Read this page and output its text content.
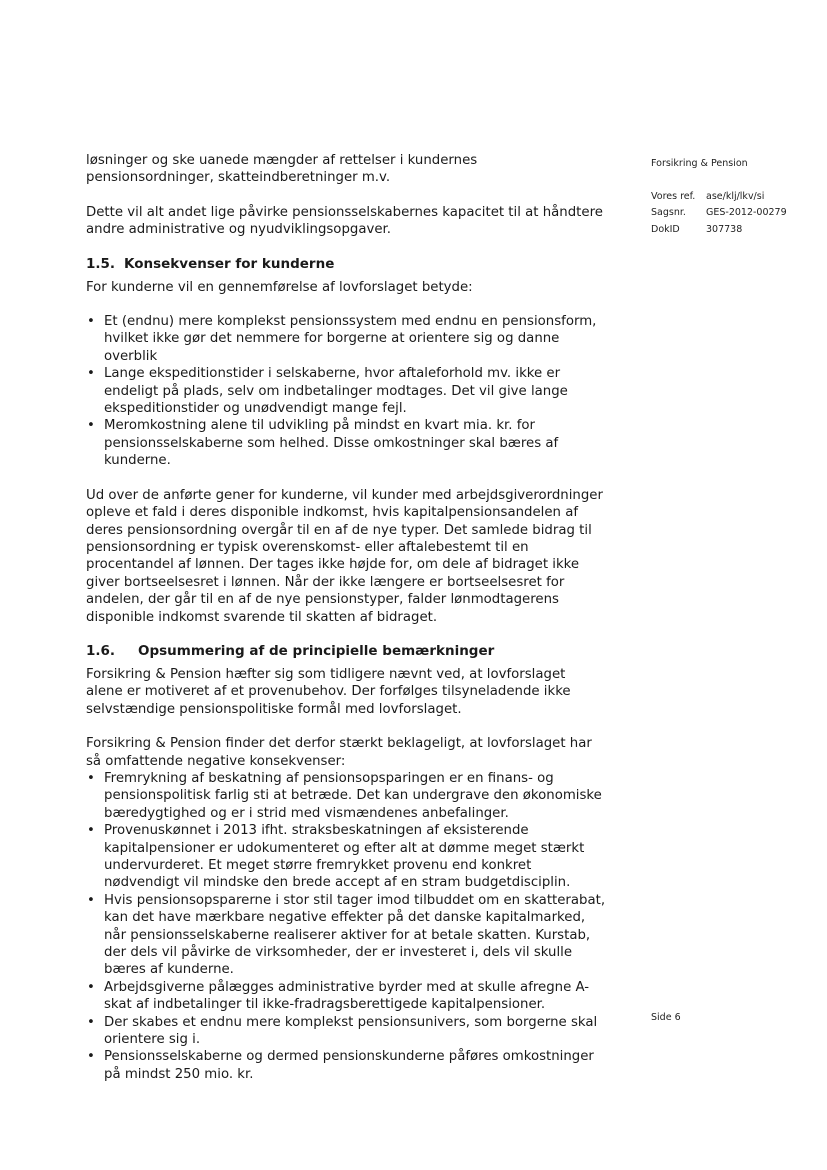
løsninger og ske uanede mængder af rettelser i kundernes pensionsordninger, skatteindberetninger m.v.

Dette vil alt andet lige påvirke pensionsselskabernes kapacitet til at håndtere andre administrative og nyudviklingsopgaver.

1.5. Konsekvenser for kunderne

For kunderne vil en gennemførelse af lovforslaget betyde:

• Et (endnu) mere komplekst pensionssystem med endnu en pensionsform, hvilket ikke gør det nemmere for borgerne at orientere sig og danne overblik
• Lange ekspeditionstider i selskaberne, hvor aftaleforhold mv. ikke er endeligt på plads, selv om indbetalinger modtages. Det vil give lange ekspeditionstider og unødvendigt mange fejl.
• Meromkostning alene til udvikling på mindst en kvart mia. kr. for pensionsselskaberne som helhed. Disse omkostninger skal bæres af kunderne.

Ud over de anførte gener for kunderne, vil kunder med arbejdsgiverordninger opleve et fald i deres disponible indkomst, hvis kapitalpensionsandelen af deres pensionsordning overgår til en af de nye typer. Det samlede bidrag til pensionsordning er typisk overenskomst- eller aftalebestemt til en procentandel af lønnen. Der tages ikke højde for, om dele af bidraget ikke giver bortseelsesret i lønnen. Når der ikke længere er bortseelsesret for andelen, der går til en af de nye pensionstyper, falder lønmodtagerens disponible indkomst svarende til skatten af bidraget.

1.6. Opsummering af de principielle bemærkninger

Forsikring & Pension hæfter sig som tidligere nævnt ved, at lovforslaget alene er motiveret af et provenubehov. Der forfølges tilsyneladende ikke selvstændige pensionspolitiske formål med lovforslaget.

Forsikring & Pension finder det derfor stærkt beklageligt, at lovforslaget har så omfattende negative konsekvenser:

• Fremrykning af beskatning af pensionsopsparingen er en finans- og pensionspolitisk farlig sti at betræde. Det kan undergrave den økonomiske bæredygtighed og er i strid med vismændenes anbefalinger.
• Provenuskønnet i 2013 ifht. straksbeskatningen af eksisterende kapitalpensioner er udokumenteret og efter alt at dømme meget stærkt undervurderet. Et meget større fremrykket provenu end konkret nødvendigt vil mindske den brede accept af en stram budgetdisciplin.
• Hvis pensionsopsparerne i stor stil tager imod tilbuddet om en skatterabat, kan det have mærkbare negative effekter på det danske kapitalmarked, når pensionsselskaberne realiserer aktiver for at betale skatten. Kurstab, der dels vil påvirke de virksomheder, der er investeret i, dels vil skulle bæres af kunderne.
• Arbejdsgiverne pålægges administrative byrder med at skulle afregne A-skat af indbetalinger til ikke-fradragsberettigede kapitalpensioner.
• Der skabes et endnu mere komplekst pensionsunivers, som borgerne skal orientere sig i.
• Pensionsselskaberne og dermed pensionskunderne påføres omkostninger på mindst 250 mio. kr.
Forsikring & Pension
Vores ref.	ase/klj/lkv/si
Sagsnr.	GES-2012-00279
DokID	307738
Side 6
